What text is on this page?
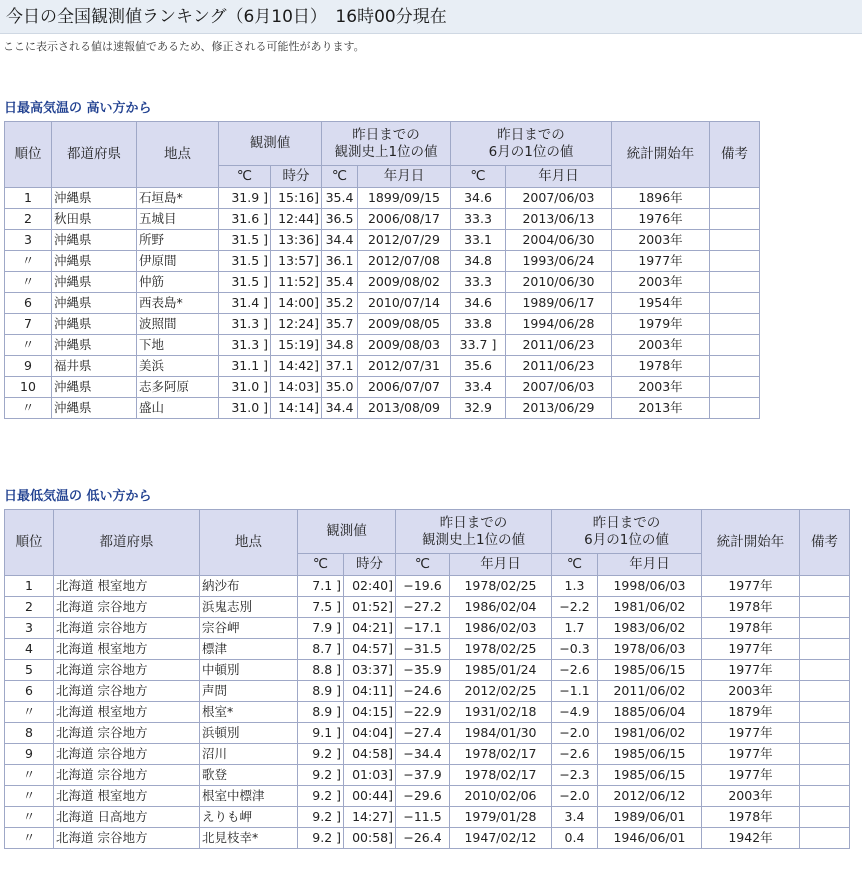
今日の全国観測値ランキング（6月10日）　16時00分現在
ここに表示される値は速報値であるため、修正される可能性があります。
日最高気温の 高い方から
順位	都道府県	地点	観測値		昨日までの
観測史上1位の値		昨日までの
6月の1位の値		統計開始年	備考
			℃	時分	℃	年月日	℃	年月日		
1	沖縄県	石垣島*	31.9 ]	15:16]	35.4	1899/09/15	34.6	2007/06/03	1896年	
2	秋田県	五城目	31.6 ]	12:44]	36.5	2006/08/17	33.3	2013/06/13	1976年	
3	沖縄県	所野	31.5 ]	13:36]	34.4	2012/07/29	33.1	2004/06/30	2003年	
〃	沖縄県	伊原間	31.5 ]	13:57]	36.1	2012/07/08	34.8	1993/06/24	1977年	
〃	沖縄県	仲筋	31.5 ]	11:52]	35.4	2009/08/02	33.3	2010/06/30	2003年	
6	沖縄県	西表島*	31.4 ]	14:00]	35.2	2010/07/14	34.6	1989/06/17	1954年	
7	沖縄県	波照間	31.3 ]	12:24]	35.7	2009/08/05	33.8	1994/06/28	1979年	
〃	沖縄県	下地	31.3 ]	15:19]	34.8	2009/08/03	33.7 ]	2011/06/23	2003年	
9	福井県	美浜	31.1 ]	14:42]	37.1	2012/07/31	35.6	2011/06/23	1978年	
10	沖縄県	志多阿原	31.0 ]	14:03]	35.0	2006/07/07	33.4	2007/06/03	2003年	
〃	沖縄県	盛山	31.0 ]	14:14]	34.4	2013/08/09	32.9	2013/06/29	2013年	
日最低気温の 低い方から
順位	都道府県	地点	観測値		昨日までの
観測史上1位の値		昨日までの
6月の1位の値		統計開始年	備考
			℃	時分	℃	年月日	℃	年月日		
1	北海道 根室地方	納沙布	7.1 ]	02:40]	−19.6	1978/02/25	1.3	1998/06/03	1977年	
2	北海道 宗谷地方	浜鬼志別	7.5 ]	01:52]	−27.2	1986/02/04	−2.2	1981/06/02	1978年	
3	北海道 宗谷地方	宗谷岬	7.9 ]	04:21]	−17.1	1986/02/03	1.7	1983/06/02	1978年	
4	北海道 根室地方	標津	8.7 ]	04:57]	−31.5	1978/02/25	−0.3	1978/06/03	1977年	
5	北海道 宗谷地方	中頓別	8.8 ]	03:37]	−35.9	1985/01/24	−2.6	1985/06/15	1977年	
6	北海道 宗谷地方	声問	8.9 ]	04:11]	−24.6	2012/02/25	−1.1	2011/06/02	2003年	
〃	北海道 根室地方	根室*	8.9 ]	04:15]	−22.9	1931/02/18	−4.9	1885/06/04	1879年	
8	北海道 宗谷地方	浜頓別	9.1 ]	04:04]	−27.4	1984/01/30	−2.0	1981/06/02	1977年	
9	北海道 宗谷地方	沼川	9.2 ]	04:58]	−34.4	1978/02/17	−2.6	1985/06/15	1977年	
〃	北海道 宗谷地方	歌登	9.2 ]	01:03]	−37.9	1978/02/17	−2.3	1985/06/15	1977年	
〃	北海道 根室地方	根室中標津	9.2 ]	00:44]	−29.6	2010/02/06	−2.0	2012/06/12	2003年	
〃	北海道 日高地方	えりも岬	9.2 ]	14:27]	−11.5	1979/01/28	3.4	1989/06/01	1978年	
〃	北海道 宗谷地方	北見枝幸*	9.2 ]	00:58]	−26.4	1947/02/12	0.4	1946/06/01	1942年	
